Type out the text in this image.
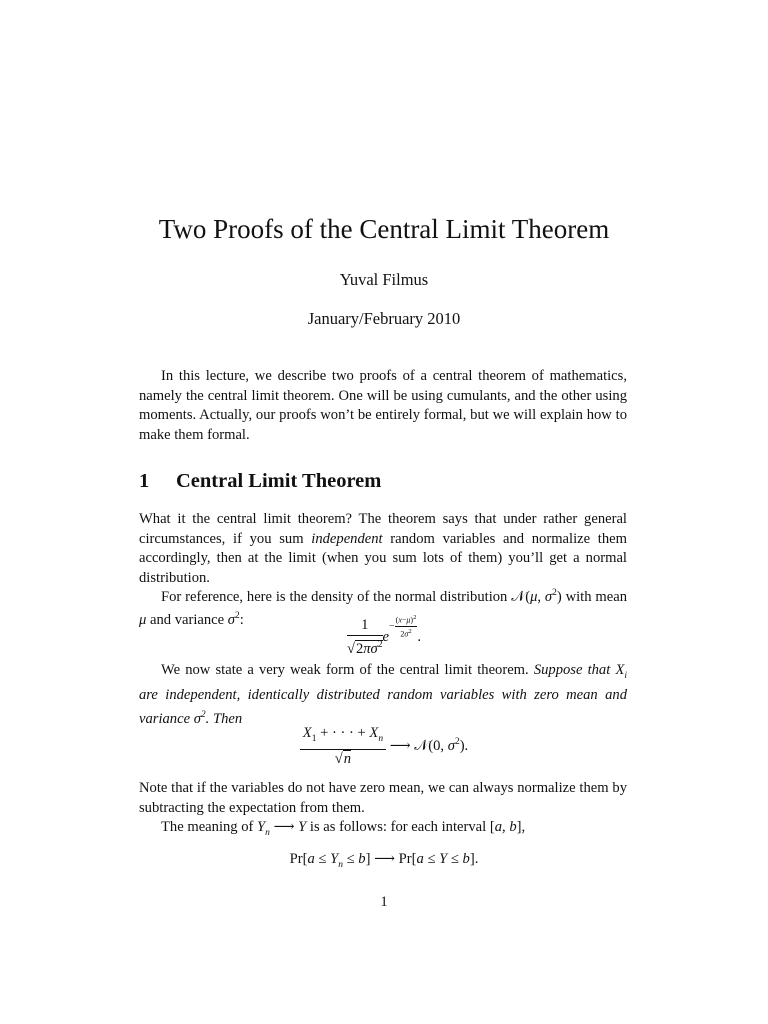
Two Proofs of the Central Limit Theorem
Yuval Filmus
January/February 2010

In this lecture, we describe two proofs of a central theorem of mathematics, namely the central limit theorem. One will be using cumulants, and the other using moments. Actually, our proofs won’t be entirely formal, but we will explain how to make them formal.

1 Central Limit Theorem

What it the central limit theorem? The theorem says that under rather general circumstances, if you sum independent random variables and normalize them accordingly, then at the limit (when you sum lots of them) you’ll get a normal distribution.

For reference, here is the density of the normal distribution 𝒩(μ, $\sigma^2$) with mean μ and variance $\sigma^2$:	$\frac{1}{√2\pi\sigma^2}$ e
− $\frac{(x-\mu)^2}{2\sigma^2}$ .

We now state a very weak form of the central limit theorem. Suppose that $X_i$ are independent, identically distributed random variables with zero mean and variance $\sigma^2$. Then

$\frac{X_1 + \cdot \cdot \cdot + X_n}{√n}$ ⟶ 𝒩(0, $\sigma^2$).

Note that if the variables do not have zero mean, we can always normalize them by subtracting the expectation from them.

The meaning of $Y_n$ ⟶ Y is as follows: for each interval [a, b],

$Pr[a \le Y_n \le b]$ ⟶ Pr[a ≤ Y ≤ b].
1
